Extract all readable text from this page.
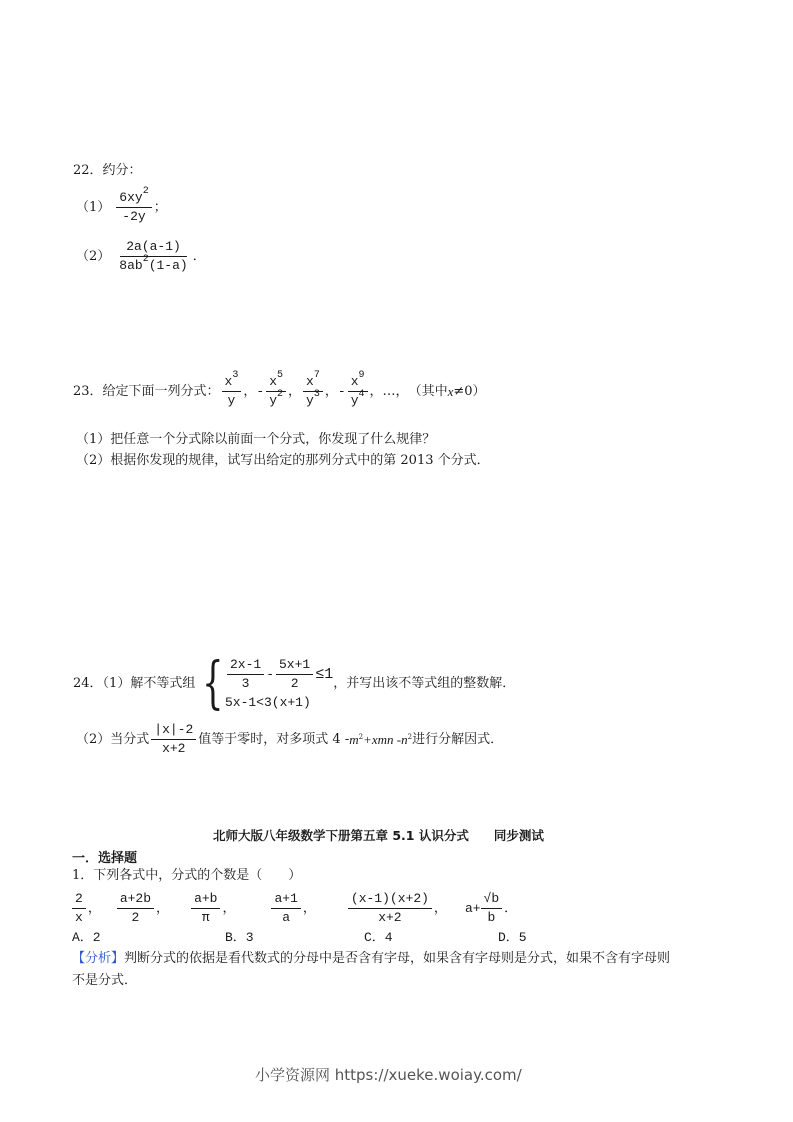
22．约分：
$(1) \frac{6xy^2}{-2y}$ ；
$(2) \frac{2a(a-1)}{8ab^2(1-a)}$ ．
23．给定下面一列分式： $\frac{x^3}{y}$ ， - $\frac{x^5}{y^2}$ ， $\frac{x^7}{y^3}$ ， - $\frac{x^9}{y^4}$ ， …， （其中 x ≠0）
（1）把任意一个分式除以前面一个分式，你发现了什么规律？
（2）根据你发现的规律，试写出给定的那列分式中的第 2013 个分式．
24．（1）解不等式组 { $\frac{2x-1}{3} - \frac{5x+1}{2} \le 1$
5x-1<3(x+1)
，并写出该不等式组的整数解．
（2）当分式 $\frac{|x|-2}{x+2}$ 值等于零时，对多项式 $4 - m^2 +xmn - n^2$ 进行分解因式．
北师大版八年级数学下册第五章 5.1 认识分式　　同步测试
一．选择题
1．下列各式中，分式的个数是（　　）
$\frac{2}{x}$ ， $\frac{a+2b}{2}$ ， $\frac{a+b}{\pi}$ ，	$\frac{a+1}{a}$ ， $\frac{(x-1)(x+2)}{x+2}$ ， $a+ \frac{√b}{b}$ ．
A．2	B．3	C．4	D．5
【分析】判断分式的依据是看代数式的分母中是否含有字母，如果含有字母则是分式，如果不含有字母则
不是分式．
小学资源网 https://xueke.woiay.com/
